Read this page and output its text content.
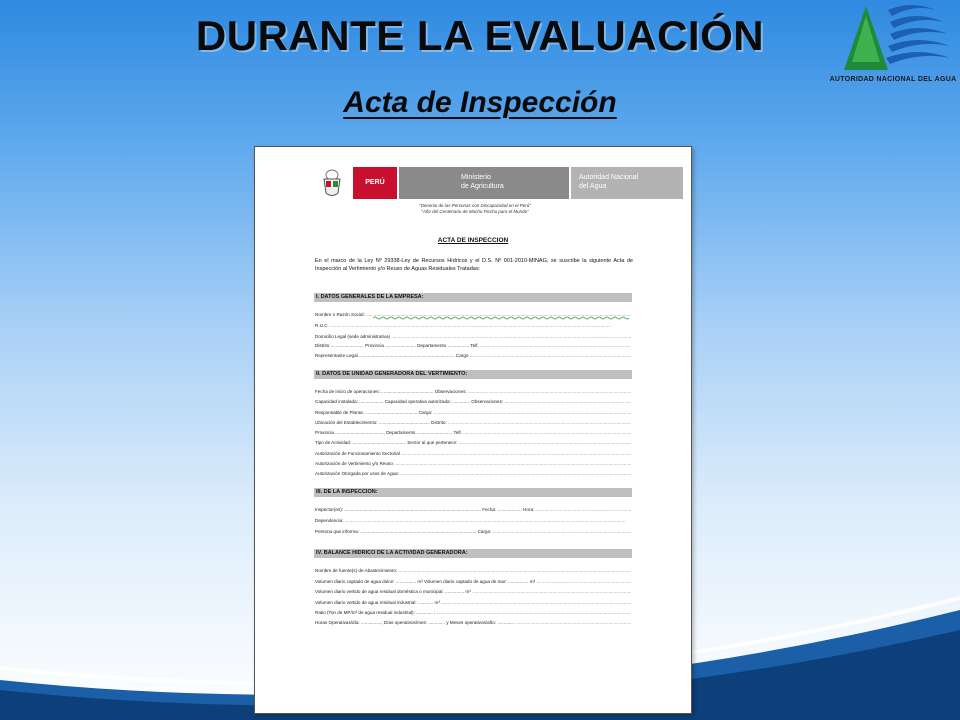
DURANTE LA EVALUACIÓN
Acta de Inspección
AUTORIDAD NACIONAL DEL AGUA
PERÚ
Ministerio
de Agricultura
Autoridad Nacional
del Agua
"Decenio de las Personas con Discapacidad en el Perú"
"Año del Centenario de Machu Picchu para el Mundo"
ACTA DE INSPECCION
En el marco de la Ley Nº 29338-Ley de Recursos Hídricos y el D.S. Nº 001-2010-MINAG, se suscribe la siguiente Acta de Inspección al Vertimiento y/o Reuso de Aguas Residuales Tratadas:
I. DATOS GENERALES DE LA EMPRESA:
Nombre o Razón Social: .....
R.U.C. .....
Domicilio Legal (sede administrativa) .....
Distrito .......................... Provincia ........................ Departamento ................. Telf. .....
Representante Legal ........................................................................... Cargo .....
II. DATOS DE UNIDAD GENERADORA DEL VERTIMIENTO:
Fecha de inicio de operaciones: ......................................... Observaciones: .....
Capacidad instalada: ................... Capacidad operativa autorizada: .............. Observaciones: .....
Responsable de Planta: ......................................... Cargo: .....
Ubicación del Establecimiento: ........................................ Distrito: .....
Provincia ....................................... Departamento ............................ Telf. .....
Tipo de Actividad: .......................................... Sector al que pertenece: .....
Autorización de Funcionamiento Sectorial .....
Autorización de Vertimiento y/o Reuso .....
Autorización Otorgada por usos de Agua: .....
III. DE LA INSPECCION:
Inspector(es): ........................................................................................................... Fecha: ................... Hora: .....
Dependencia: .....
Persona que informa: ........................................................................................... Cargo: .....
IV. BALANCE HIDRICO DE LA ACTIVIDAD GENERADORA:
Nombre de fuente(s) de Abastecimiento: .....
Volumen diario captado de agua dulce: ................ m³ Volumen diario captado de agua de mar: ................ m³ .....
Volumen diario vertido de agua residual doméstica o municipal: ............... m³ .....
Volumen diario vertido de agua residual industrial: ............ m³ .....
Ratio (Ton de MP/m³ de agua residual industrial): ............. ; .....
Horas Operativas/día: ................; Días operativos/mes: ............. y Meses operativos/año: ............. .....
